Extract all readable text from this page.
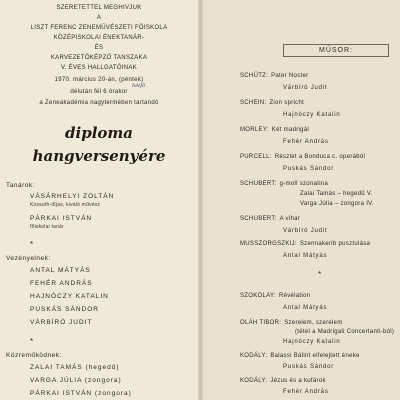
SZERETETTEL MEGHIVJUK
A
LISZT FERENC ZENEMŰVÉSZETI FŐISKOLA
KÖZÉPISKOLAI ÉNEKTANÁR-
ÉS
KARVEZETŐKÉPZŐ TANSZAKA
V. ÉVES HALLGATÓINAK
1970. március 20-án, (péntek)
hétfő
délután fél 6 órakor
a Zeneakadémia nagytermében tartandó
diploma
hangversenyére
Tanárok:
VÁSÁRHELYI ZOLTÁN
Kossuth-díjas, kiváló művész
PÁRKAI ISTVÁN
főiskolai tanár
*
Vezényelnek:
ANTAL MÁTYÁS
FEHÉR ANDRÁS
HAJNÓCZY KATALIN
PUSKÁS SÁNDOR
VÁRBÍRÓ JUDIT
*
Közreműködnek:
ZALAI TAMÁS (hegedű)
VARGA JÚLIA (zongora)
PÁRKAI ISTVÁN (zongora)
MŰSOR:
SCHÜTZ: Pater Noster
Várbíró Judit
SCHEIN: Zion spricht
Hajnóczy Katalin
MORLEY: Két madrigál
Fehér András
PURCELL: Részlet a Bonduca c. operából
Puskás Sándor
SCHUBERT: g-moll szonatina
Zalai Tamás – hegedű V.
Varga Júlia – zongora IV.
SCHUBERT: A vihar
Várbíró Judit
MUSSZORGSZKIJ: Szennakerib pusztulása
Antal Mátyás
*
SZOKOLAY: Révélation
Antal Mátyás
OLÁH TIBOR: Szerelem, szerelem
(tétel a Madrigali Concertanti-ból)
Hajnóczy Katalin
KODÁLY: Balassi Bálint elfelejtett éneke
Puskás Sándor
KODÁLY: Jézus és a kufárok
Fehér András
